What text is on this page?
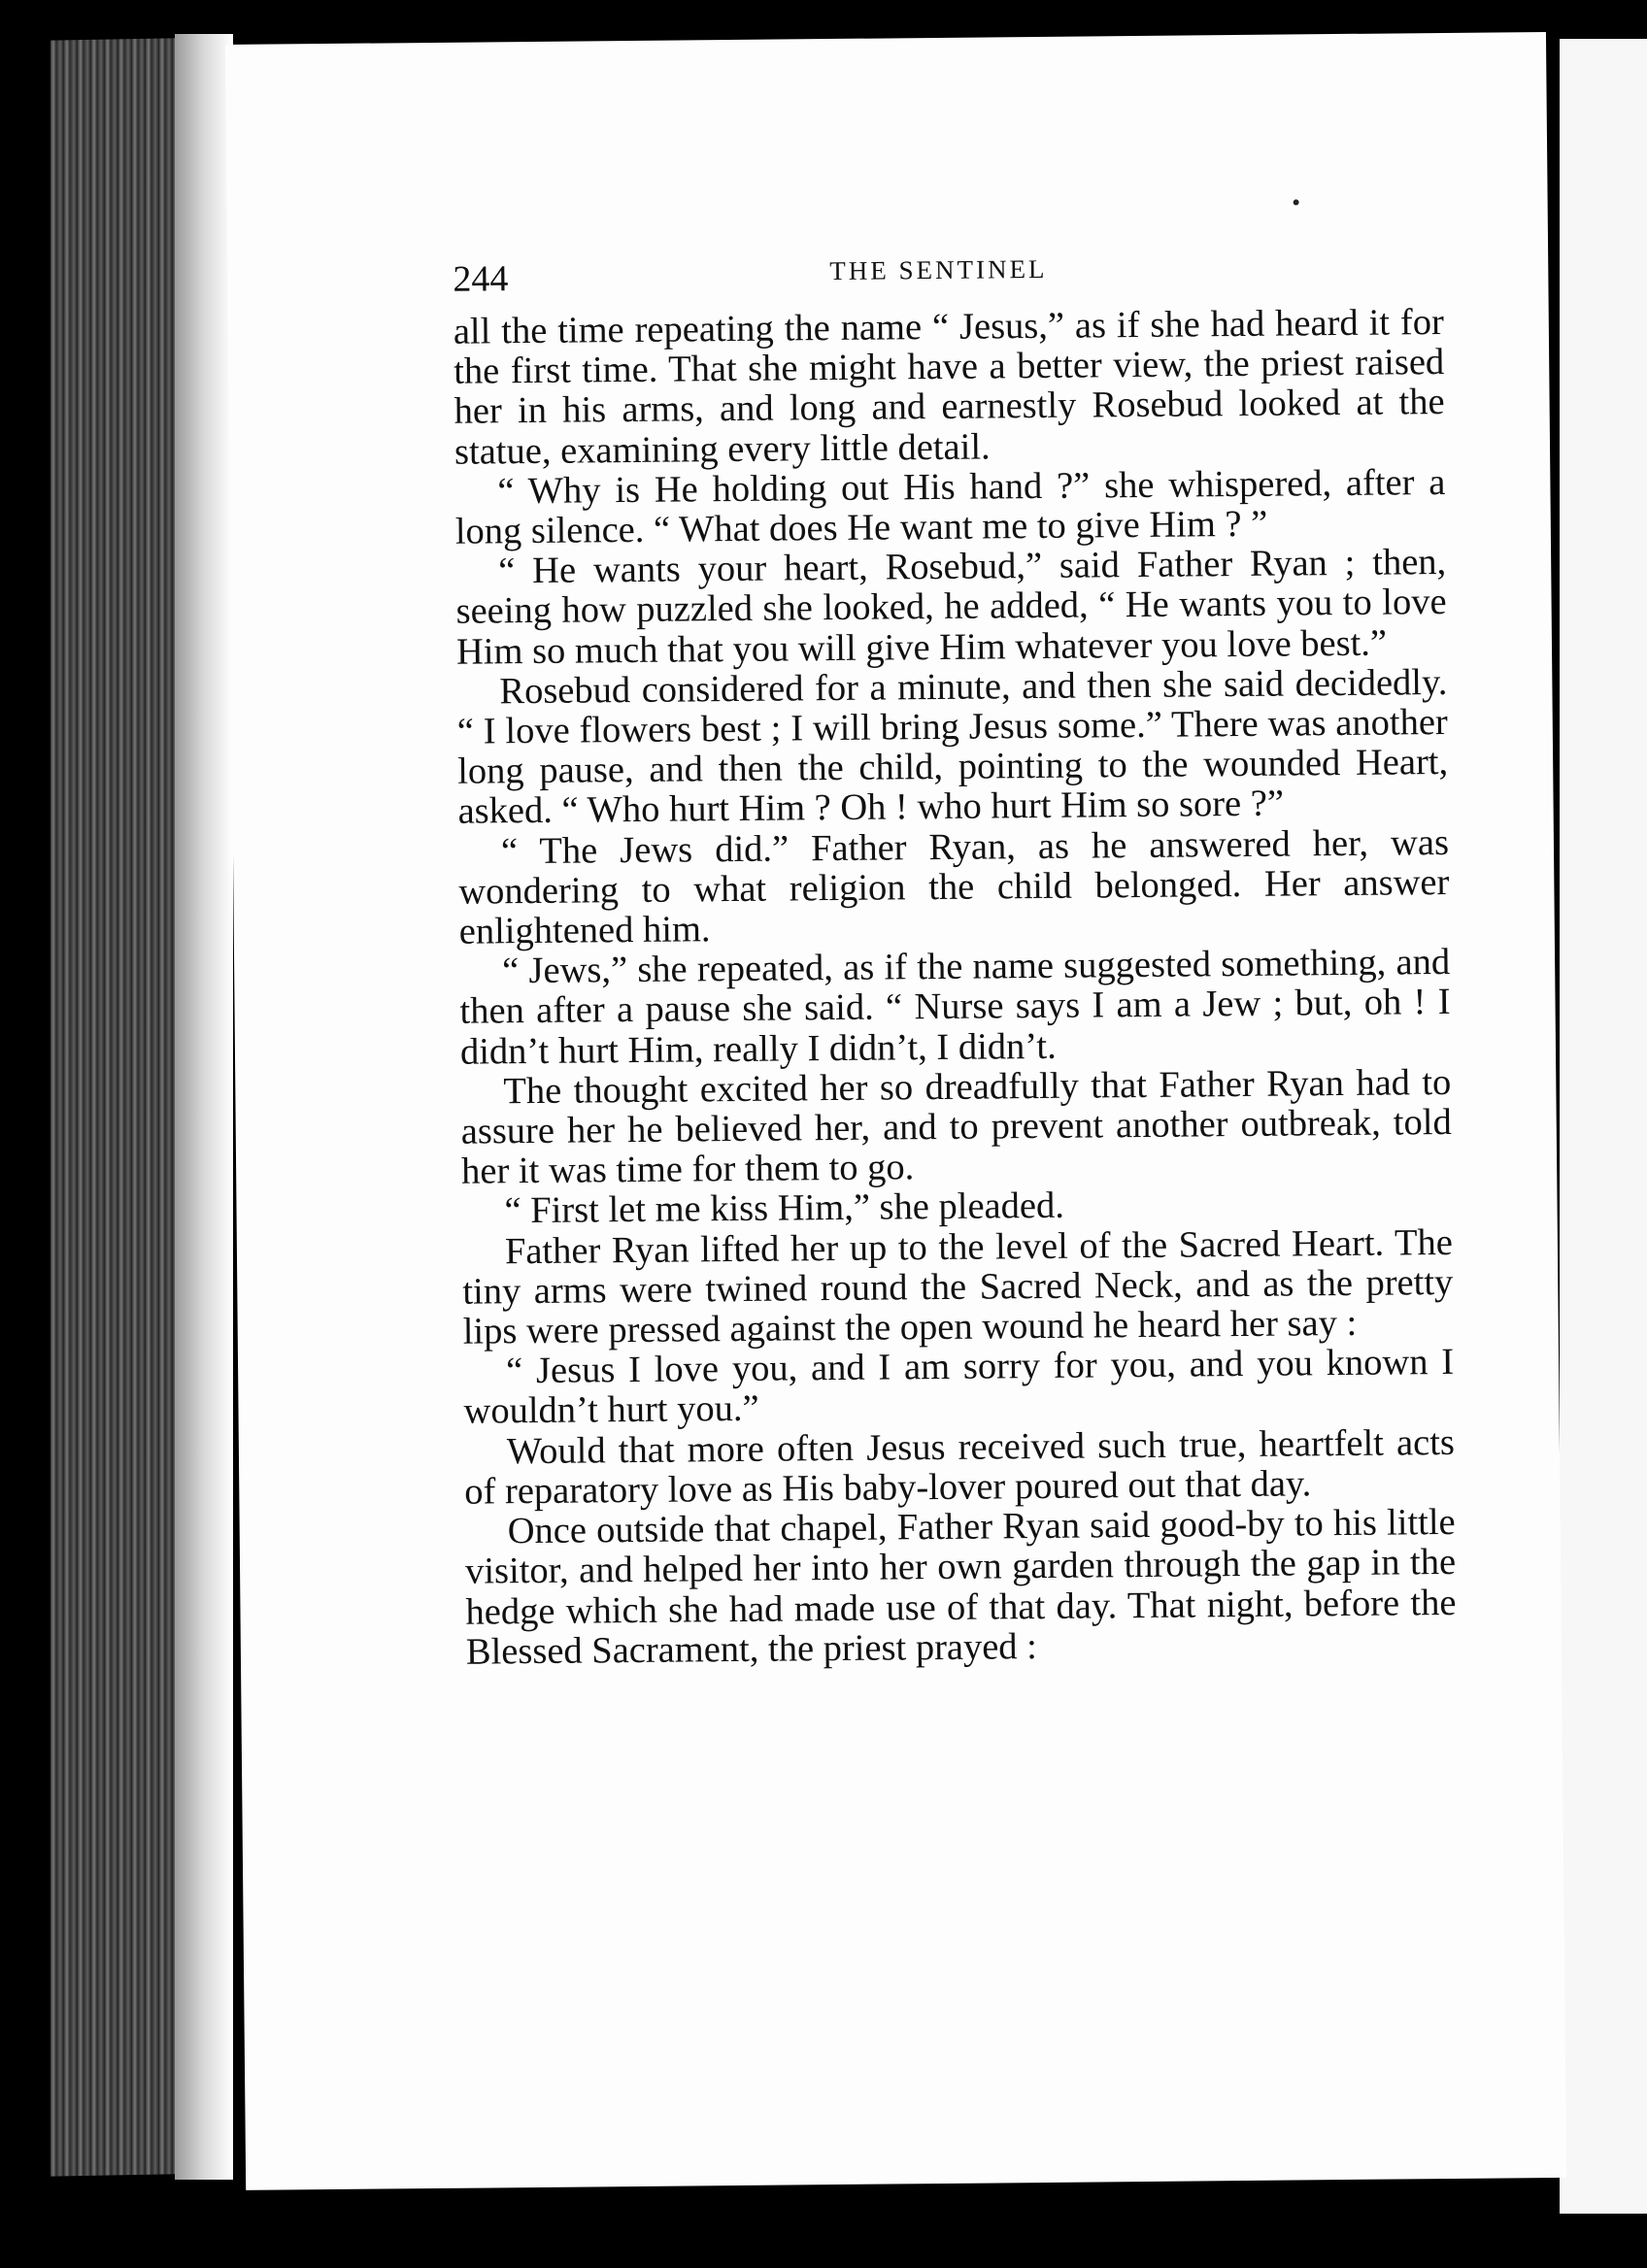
244	THE SENTINEL

all the time repeating the name “ Jesus,” as if she had heard it for the first time. That she might have a better view, the priest raised her in his arms, and long and earnestly Rosebud looked at the statue, examining every little detail.

“ Why is He holding out His hand ?” she whispered, after a long silence. “ What does He want me to give Him ? ”

“ He wants your heart, Rosebud,” said Father Ryan ; then, seeing how puzzled she looked, he added, “ He wants you to love Him so much that you will give Him whatever you love best.”

Rosebud considered for a minute, and then she said decidedly. “ I love flowers best ; I will bring Jesus some.” There was another long pause, and then the child, pointing to the wounded Heart, asked. “ Who hurt Him ? Oh ! who hurt Him so sore ?”

“ The Jews did.” Father Ryan, as he answered her, was wondering to what religion the child belonged. Her answer enlightened him.

“ Jews,” she repeated, as if the name suggested something, and then after a pause she said. “ Nurse says I am a Jew ; but, oh ! I didn’t hurt Him, really I didn’t, I didn’t.

The thought excited her so dreadfully that Father Ryan had to assure her he believed her, and to prevent another outbreak, told her it was time for them to go.

“ First let me kiss Him,” she pleaded.

Father Ryan lifted her up to the level of the Sacred Heart. The tiny arms were twined round the Sacred Neck, and as the pretty lips were pressed against the open wound he heard her say :

“ Jesus I love you, and I am sorry for you, and you known I wouldn’t hurt you.”

Would that more often Jesus received such true, heartfelt acts of reparatory love as His baby-lover poured out that day.

Once outside that chapel, Father Ryan said good-by to his little visitor, and helped her into her own garden through the gap in the hedge which she had made use of that day. That night, before the Blessed Sacrament, the priest prayed :
